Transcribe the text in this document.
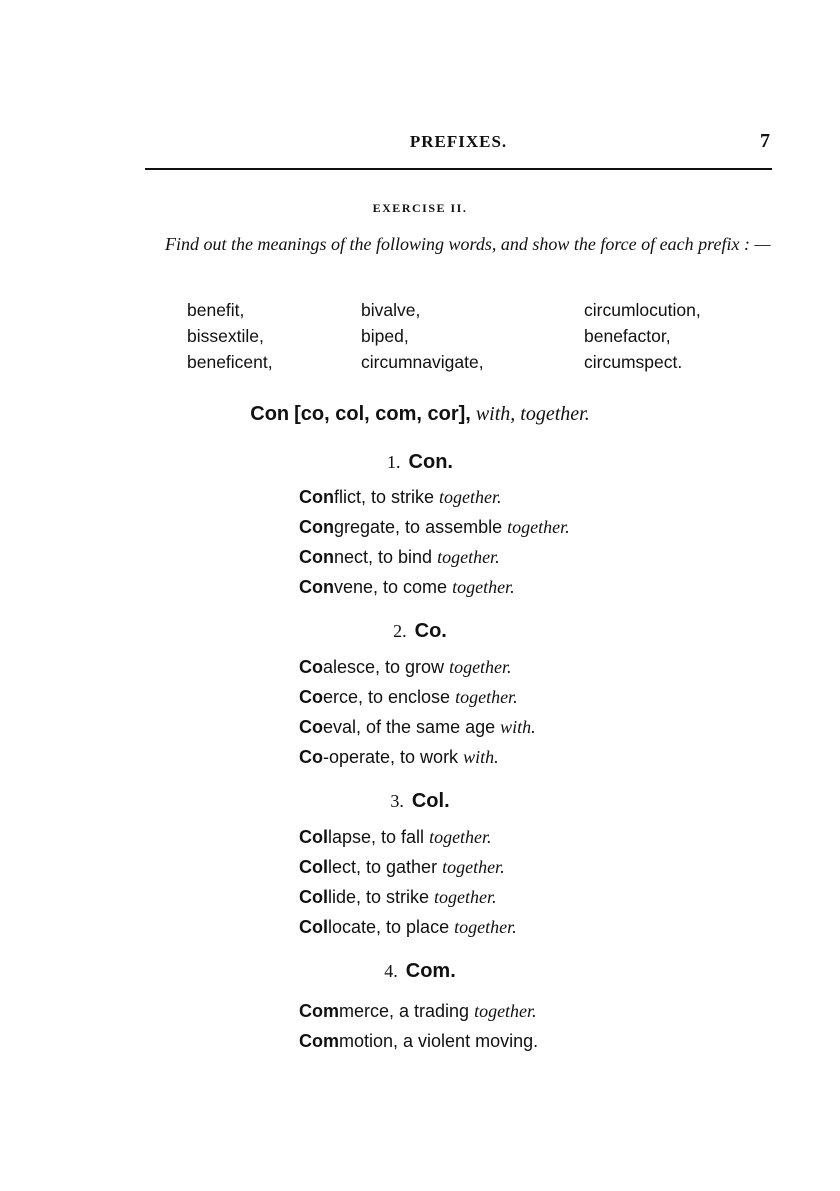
PREFIXES.	7
EXERCISE II.
Find out the meanings of the following words, and show the force of each prefix : —
benefit,	bivalve,	circumlocution,
bissextile,	biped,	benefactor,
beneficent,	circumnavigate,	circumspect.
Con [co, col, com, cor], with, together.
1. Con.
Conflict, to strike together.
Congregate, to assemble together.
Connect, to bind together.
Convene, to come together.
2. Co.
Coalesce, to grow together.
Coerce, to enclose together.
Coeval, of the same age with.
Co-operate, to work with.
3. Col.
Collapse, to fall together.
Collect, to gather together.
Collide, to strike together.
Collocate, to place together.
4. Com.
Commerce, a trading together.
Commotion, a violent moving.
